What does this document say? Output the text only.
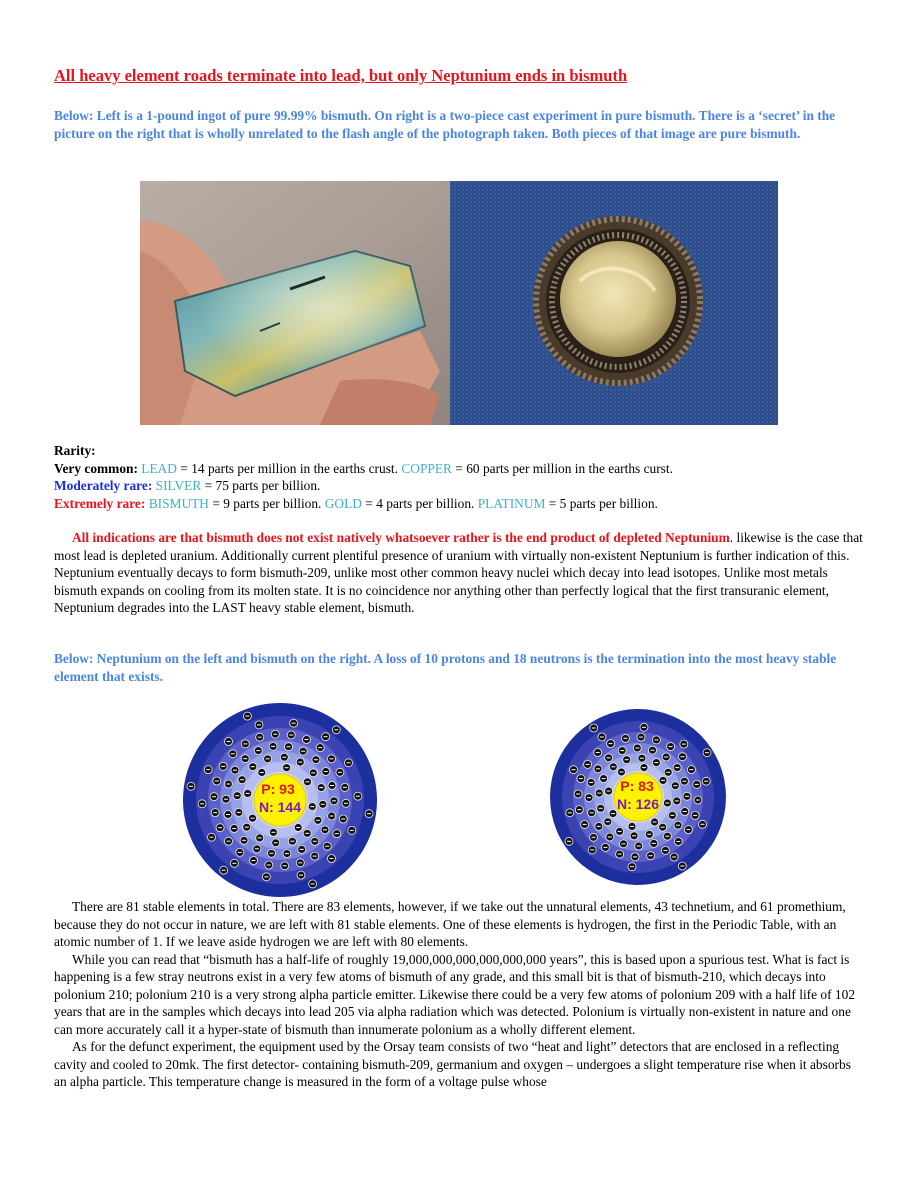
All heavy element roads terminate into lead, but only Neptunium ends in bismuth
Below: Left is a 1-pound ingot of pure 99.99% bismuth. On right is a two-piece cast experiment in pure bismuth. There is a ‘secret’ in the picture on the right that is wholly unrelated to the flash angle of the photograph taken. Both pieces of that image are pure bismuth.
Rarity:
Very common: LEAD = 14 parts per million in the earths crust. COPPER = 60 parts per million in the earths curst.
Moderately rare: SILVER = 75 parts per billion.
Extremely rare: BISMUTH = 9 parts per billion. GOLD = 4 parts per billion. PLATINUM = 5 parts per billion.
All indications are that bismuth does not exist natively whatsoever rather is the end product of depleted Neptunium. likewise is the case that most lead is depleted uranium. Additionally current plentiful presence of uranium with virtually non-existent Neptunium is further indication of this. Neptunium eventually decays to form bismuth-209, unlike most other common heavy nuclei which decay into lead isotopes. Unlike most metals bismuth expands on cooling from its molten state. It is no coincidence nor anything other than perfectly logical that the first transuranic element, Neptunium degrades into the LAST heavy stable element, bismuth.
Below: Neptunium on the left and bismuth on the right. A loss of 10 protons and 18 neutrons is the termination into the most heavy stable element that exists.
P: 93
N: 144
P: 83
N: 126
There are 81 stable elements in total. There are 83 elements, however, if we take out the unnatural elements, 43 technetium, and 61 promethium, because they do not occur in nature, we are left with 81 stable elements. One of these elements is hydrogen, the first in the Periodic Table, with an atomic number of 1. If we leave aside hydrogen we are left with 80 elements.
While you can read that “bismuth has a half-life of roughly 19,000,000,000,000,000,000 years”, this is based upon a spurious test. What is fact is happening is a few stray neutrons exist in a very few atoms of bismuth of any grade, and this small bit is that of bismuth-210, which decays into polonium 210; polonium 210 is a very strong alpha particle emitter. Likewise there could be a very few atoms of polonium 209 with a half life of 102 years that are in the samples which decays into lead 205 via alpha radiation which was detected. Polonium is virtually non-existent in nature and one can more accurately call it a hyper-state of bismuth than innumerate polonium as a wholly different element.
As for the defunct experiment, the equipment used by the Orsay team consists of two “heat and light” detectors that are enclosed in a reflecting cavity and cooled to 20mk. The first detector- containing bismuth-209, germanium and oxygen – undergoes a slight temperature rise when it absorbs an alpha particle. This temperature change is measured in the form of a voltage pulse whose
